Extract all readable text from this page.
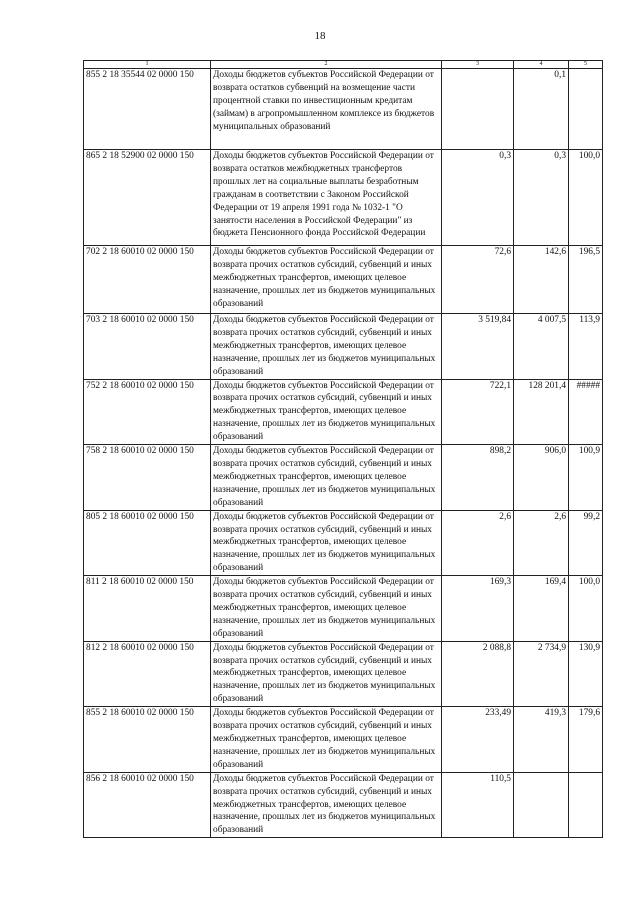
18
1	2	3	4	5
855 2 18 35544 02 0000 150	Доходы бюджетов субъектов Российской Федерации от возврата остатков субвенций на возмещение части процентной ставки по инвестиционным кредитам (займам) в агропромышленном комплексе из бюджетов муниципальных образований		0,1	
865 2 18 52900 02 0000 150	Доходы бюджетов субъектов Российской Федерации от возврата остатков межбюджетных трансфертов прошлых лет на социальные выплаты безработным гражданам в соответствии с Законом Российской Федерации от 19 апреля 1991 года № 1032-1 "О занятости населения в Российской Федерации" из бюджета Пенсионного фонда Российской Федерации	0,3	0,3	100,0
702 2 18 60010 02 0000 150	Доходы бюджетов субъектов Российской Федерации от возврата прочих остатков субсидий, субвенций и иных межбюджетных трансфертов, имеющих целевое назначение, прошлых лет из бюджетов муниципальных образований	72,6	142,6	196,5
703 2 18 60010 02 0000 150	Доходы бюджетов субъектов Российской Федерации от возврата прочих остатков субсидий, субвенций и иных межбюджетных трансфертов, имеющих целевое назначение, прошлых лет из бюджетов муниципальных образований	3 519,84	4 007,5	113,9
752 2 18 60010 02 0000 150	Доходы бюджетов субъектов Российской Федерации от возврата прочих остатков субсидий, субвенций и иных межбюджетных трансфертов, имеющих целевое назначение, прошлых лет из бюджетов муниципальных образований	722,1	128 201,4	#####
758 2 18 60010 02 0000 150	Доходы бюджетов субъектов Российской Федерации от возврата прочих остатков субсидий, субвенций и иных межбюджетных трансфертов, имеющих целевое назначение, прошлых лет из бюджетов муниципальных образований	898,2	906,0	100,9
805 2 18 60010 02 0000 150	Доходы бюджетов субъектов Российской Федерации от возврата прочих остатков субсидий, субвенций и иных межбюджетных трансфертов, имеющих целевое назначение, прошлых лет из бюджетов муниципальных образований	2,6	2,6	99,2
811 2 18 60010 02 0000 150	Доходы бюджетов субъектов Российской Федерации от возврата прочих остатков субсидий, субвенций и иных межбюджетных трансфертов, имеющих целевое назначение, прошлых лет из бюджетов муниципальных образований	169,3	169,4	100,0
812 2 18 60010 02 0000 150	Доходы бюджетов субъектов Российской Федерации от возврата прочих остатков субсидий, субвенций и иных межбюджетных трансфертов, имеющих целевое назначение, прошлых лет из бюджетов муниципальных образований	2 088,8	2 734,9	130,9
855 2 18 60010 02 0000 150	Доходы бюджетов субъектов Российской Федерации от возврата прочих остатков субсидий, субвенций и иных межбюджетных трансфертов, имеющих целевое назначение, прошлых лет из бюджетов муниципальных образований	233,49	419,3	179,6
856 2 18 60010 02 0000 150	Доходы бюджетов субъектов Российской Федерации от возврата прочих остатков субсидий, субвенций и иных межбюджетных трансфертов, имеющих целевое назначение, прошлых лет из бюджетов муниципальных образований	110,5		
